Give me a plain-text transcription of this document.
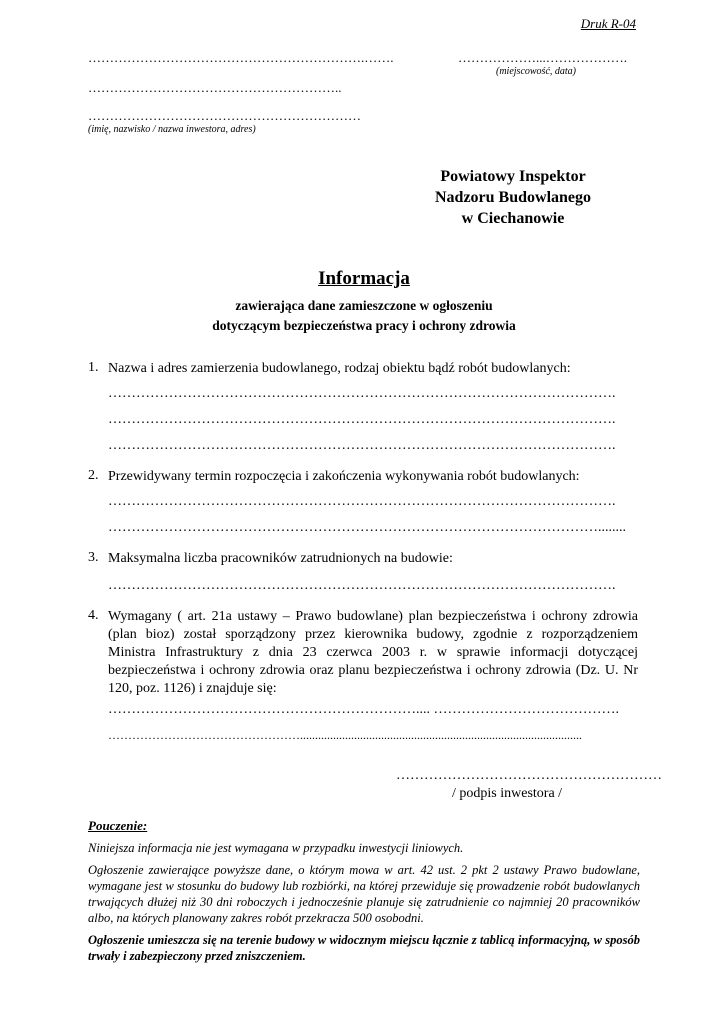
Druk R-04
……………………………………………………….…….	………………...……………….
(miejscowość, data)
…………………………………………………..
………………………………………………………
(imię, nazwisko / nazwa inwestora, adres)
Powiatowy Inspektor
Nadzoru Budowlanego
w Ciechanowie
Informacja
zawierająca dane zamieszczone w ogłoszeniu
dotyczącym bezpieczeństwa pracy i ochrony zdrowia
1. Nazwa i adres zamierzenia budowlanego, rodzaj obiektu bądź robót budowlanych:
……………………………………………………………………………………………….
……………………………………………………………………………………………….
……………………………………………………………………………………………….
2. Przewidywany termin rozpoczęcia i zakończenia wykonywania robót budowlanych:
……………………………………………………………………………………………….
……………………………………………………………………………………………........
3. Maksymalna liczba pracowników zatrudnionych na budowie:
……………………………………………………………………………………………….
4. Wymagany ( art. 21a ustawy – Prawo budowlane) plan bezpieczeństwa i ochrony zdrowia (plan bioz) został sporządzony przez kierownika budowy, zgodnie z rozporządzeniem Ministra Infrastruktury z dnia 23 czerwca 2003 r. w sprawie informacji dotyczącej bezpieczeństwa i ochrony zdrowia oraz planu bezpieczeństwa i ochrony zdrowia (Dz. U. Nr 120, poz. 1126) i znajduje się:
………………………………………………………….... ………………………………….
…………………………………………..............................................................................................
…………………………………………………
/ podpis inwestora /
Pouczenie:
Niniejsza informacja nie jest wymagana w przypadku inwestycji liniowych.
Ogłoszenie zawierające powyższe dane, o którym mowa w art. 42 ust. 2 pkt 2 ustawy Prawo budowlane, wymagane jest w stosunku do budowy lub rozbiórki, na której przewiduje się prowadzenie robót budowlanych trwających dłużej niż 30 dni roboczych i jednocześnie planuje się zatrudnienie co najmniej 20 pracowników albo, na których planowany zakres robót przekracza 500 osobodni.
Ogłoszenie umieszcza się na terenie budowy w widocznym miejscu łącznie z tablicą informacyjną, w sposób trwały i zabezpieczony przed zniszczeniem.
